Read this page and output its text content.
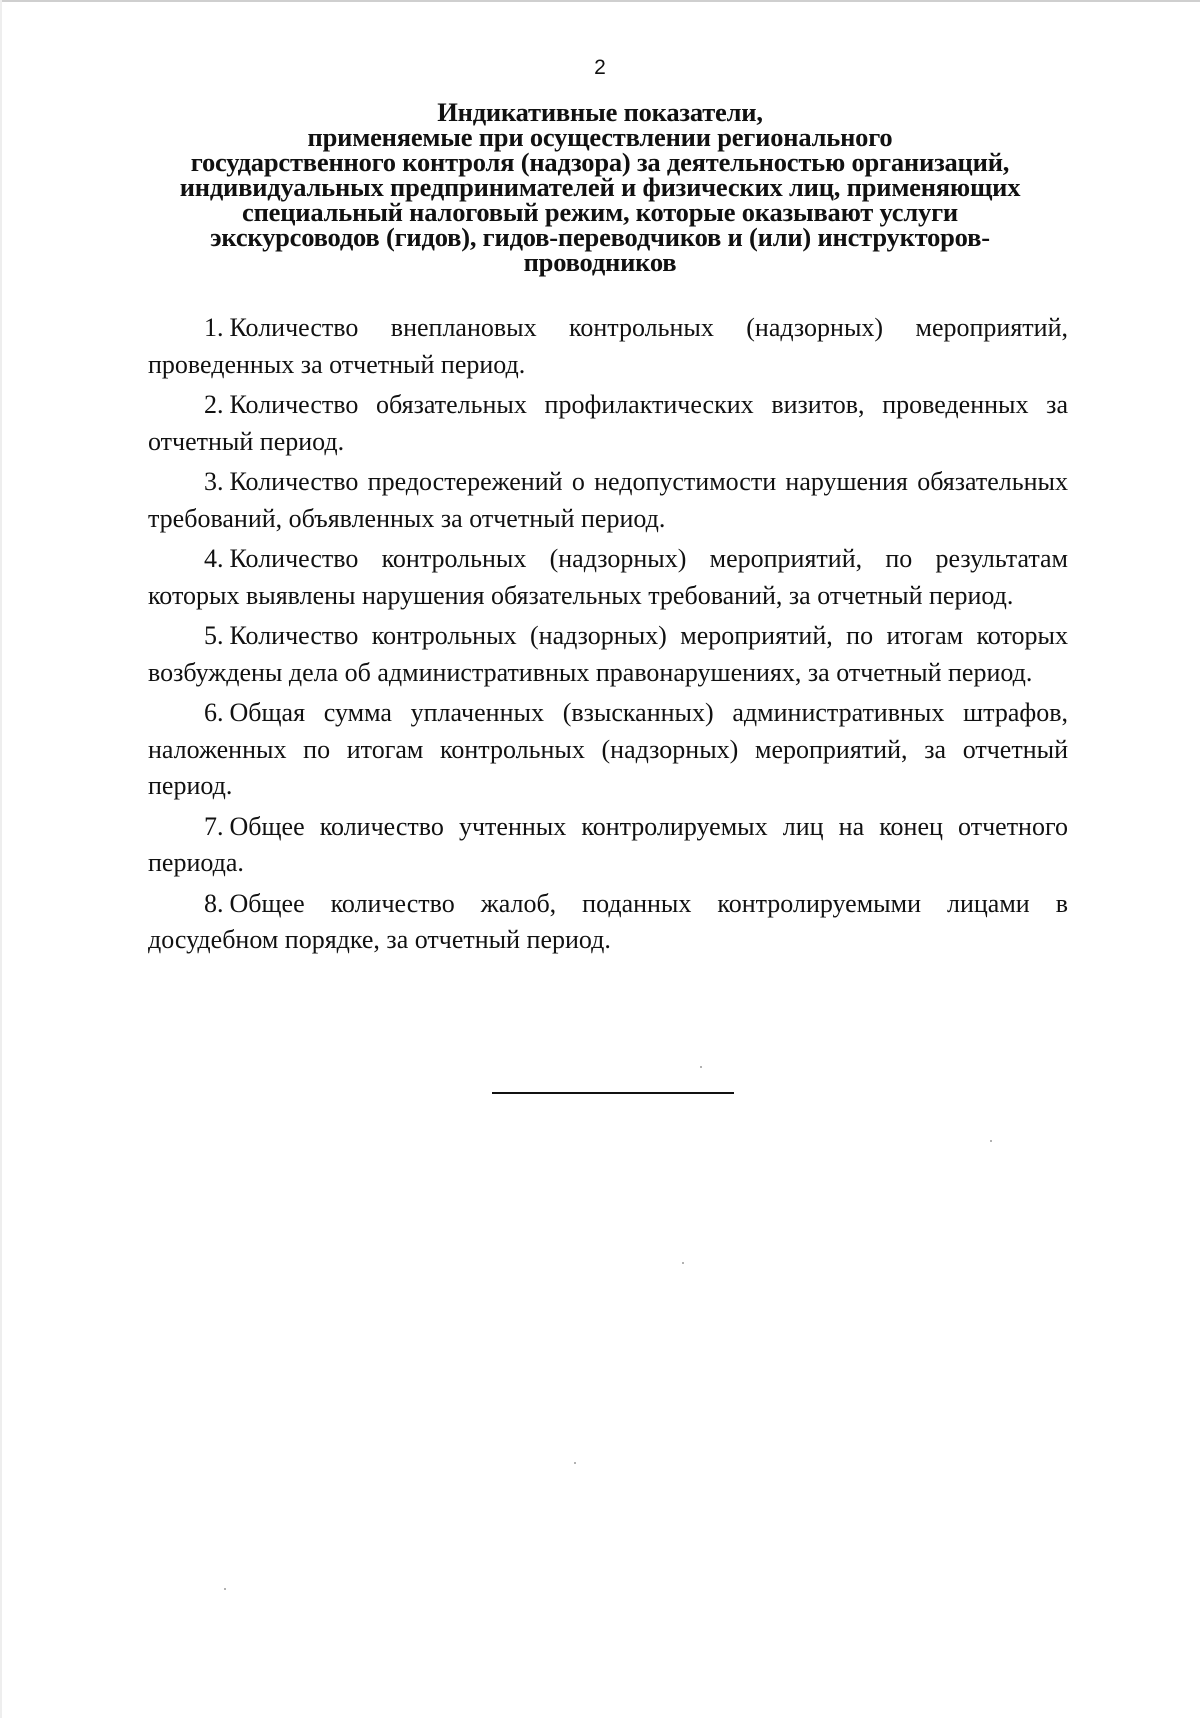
2
Индикативные показатели,
применяемые при осуществлении регионального
государственного контроля (надзора) за деятельностью организаций,
индивидуальных предпринимателей и физических лиц, применяющих
специальный налоговый режим, которые оказывают услуги
экскурсоводов (гидов), гидов-переводчиков и (или) инструкторов-
проводников

1. Количество внеплановых контрольных (надзорных) мероприятий, проведенных за отчетный период.

2. Количество обязательных профилактических визитов, проведенных за отчетный период.

3. Количество предостережений о недопустимости нарушения обязательных требований, объявленных за отчетный период.

4. Количество контрольных (надзорных) мероприятий, по результатам которых выявлены нарушения обязательных требований, за отчетный период.

5. Количество контрольных (надзорных) мероприятий, по итогам которых возбуждены дела об административных правонарушениях, за отчетный период.

6. Общая сумма уплаченных (взысканных) административных штрафов, наложенных по итогам контрольных (надзорных) мероприятий, за отчетный период.

7. Общее количество учтенных контролируемых лиц на конец отчетного периода.

8. Общее количество жалоб, поданных контролируемыми лицами в досудебном порядке, за отчетный период.
